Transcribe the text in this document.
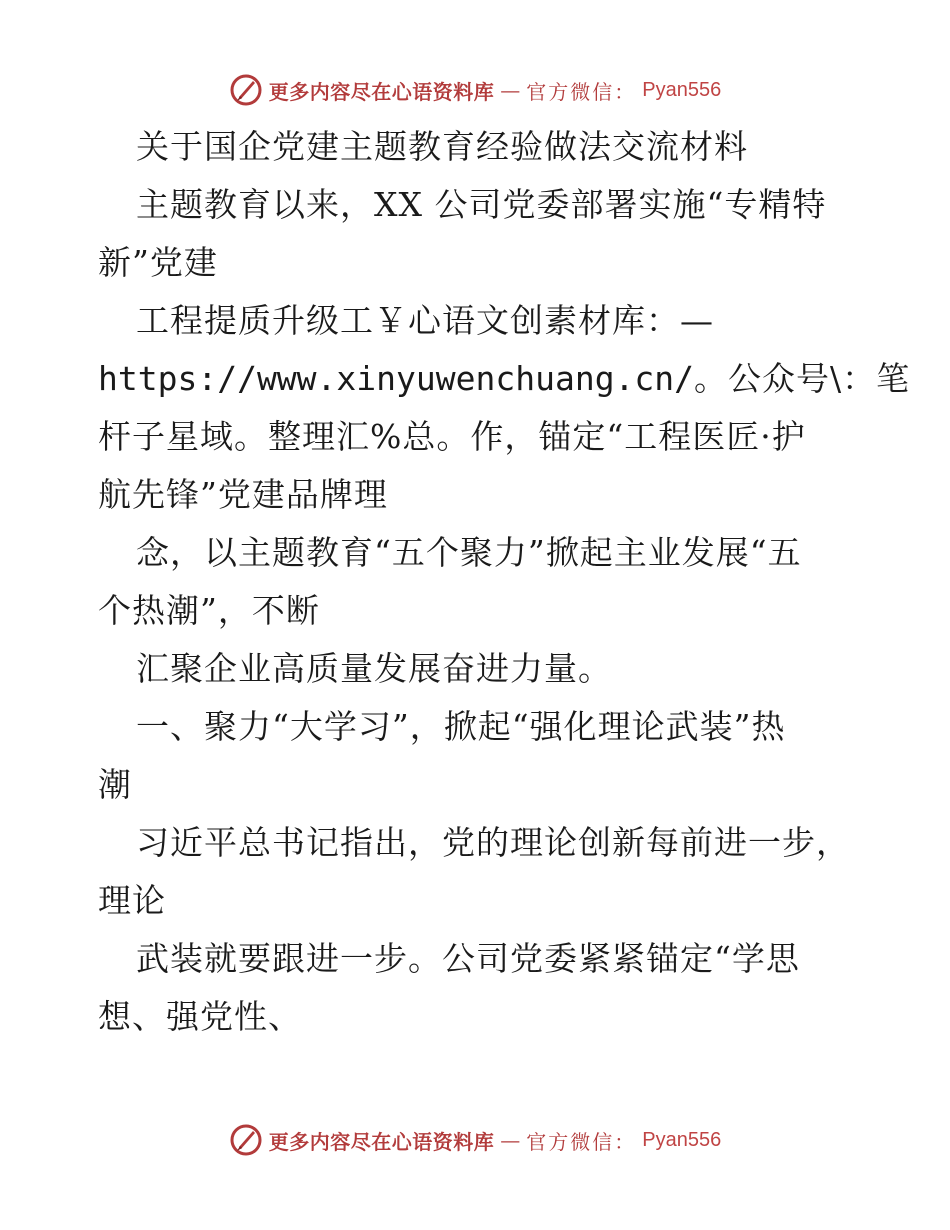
更多内容尽在心语资料库 — 官方微信： Pyan556
关于国企党建主题教育经验做法交流材料
主题教育以来，XX 公司党委部署实施“专精特
新”党建
工程提质升级工￥心语文创素材库：—
https://www.xinyuwenchuang.cn/。公众号\：笔
杆子星域。整理汇%总。作，锚定“工程医匠·护
航先锋”党建品牌理
念，以主题教育“五个聚力”掀起主业发展“五
个热潮”，不断
汇聚企业高质量发展奋进力量。
一、聚力“大学习”，掀起“强化理论武装”热
潮
习近平总书记指出，党的理论创新每前进一步，
理论
武装就要跟进一步。公司党委紧紧锚定“学思
想、强党性、
更多内容尽在心语资料库 — 官方微信： Pyan556
